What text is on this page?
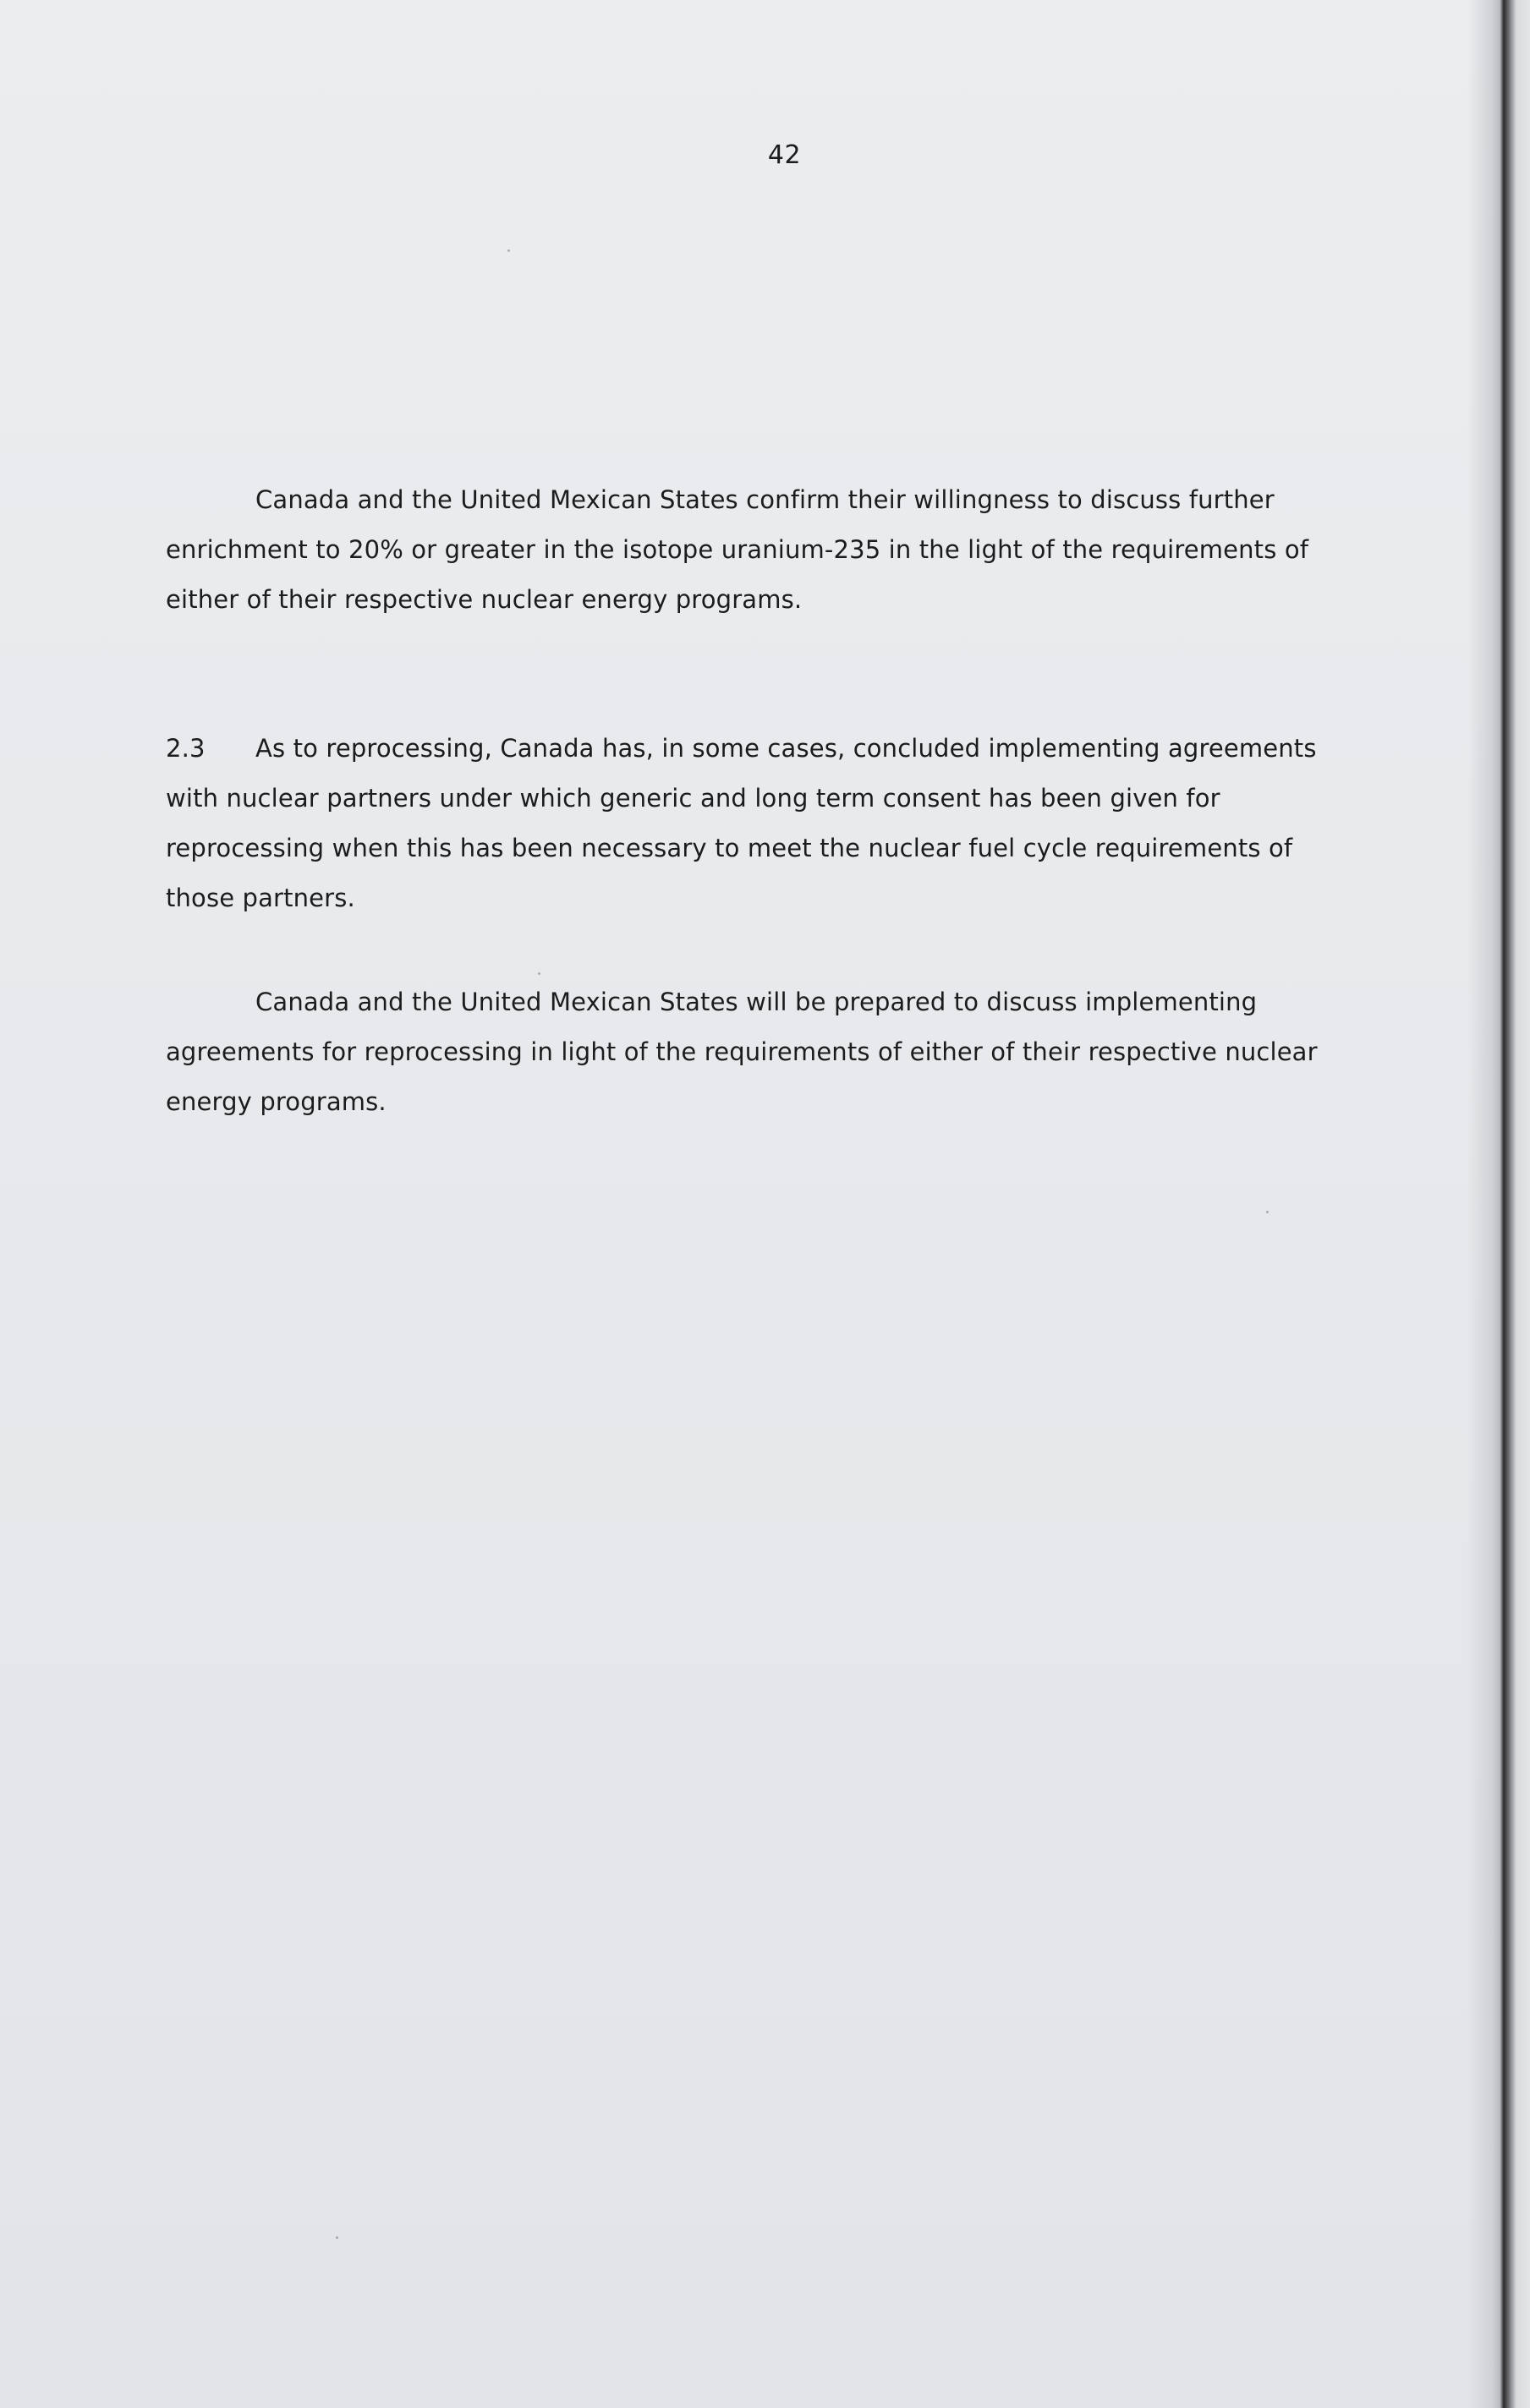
42
Canada and the United Mexican States confirm their willingness to discuss further
enrichment to 20% or greater in the isotope uranium-235 in the light of the requirements of
either of their respective nuclear energy programs.
2.3 As to reprocessing, Canada has, in some cases, concluded implementing agreements
with nuclear partners under which generic and long term consent has been given for
reprocessing when this has been necessary to meet the nuclear fuel cycle requirements of
those partners.
Canada and the United Mexican States will be prepared to discuss implementing
agreements for reprocessing in light of the requirements of either of their respective nuclear
energy programs.
